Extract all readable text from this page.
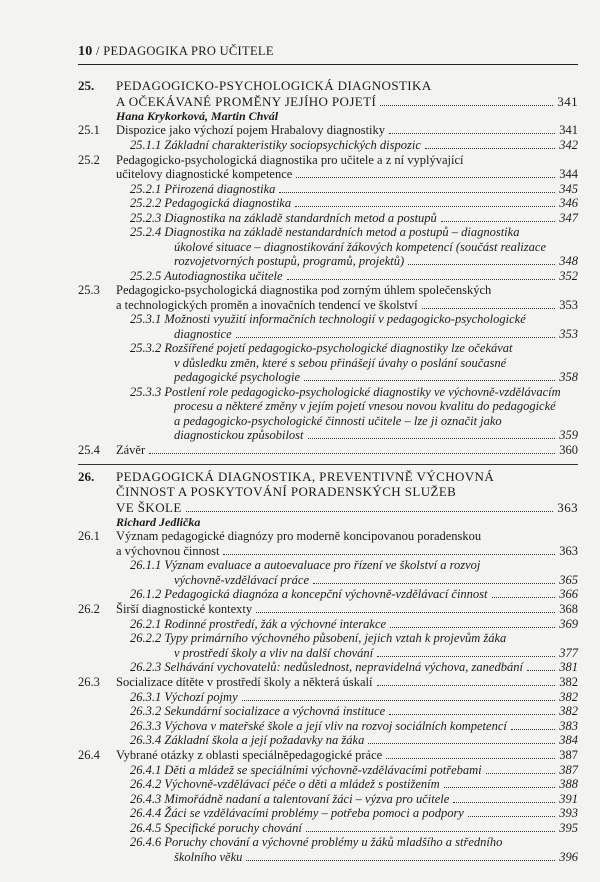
10 / PEDAGOGIKA PRO UČITELE
25.	PEDAGOGICKO-PSYCHOLOGICKÁ DIAGNOSTIKA
A OČEKÁVANÉ PROMĚNY JEJÍHO POJETÍ	341
Hana Krykorková, Martin Chvál
25.1	Dispozice jako výchozí pojem Hrabalovy diagnostiky	341
25.1.1 Základní charakteristiky sociopsychických dispozic	342
25.2	Pedagogicko-psychologická diagnostika pro učitele a z ní vyplývající
učitelovy diagnostické kompetence	344
25.2.1 Přirozená diagnostika	345
25.2.2 Pedagogická diagnostika	346
25.2.3 Diagnostika na základě standardních metod a postupů	347
25.2.4 Diagnostika na základě nestandardních metod a postupů – diagnostika
úkolové situace – diagnostikování žákových kompetencí (součást realizace
rozvojetvorných postupů, programů, projektů)	348
25.2.5 Autodiagnostika učitele	352
25.3	Pedagogicko-psychologická diagnostika pod zorným úhlem společenských
a technologických proměn a inovačních tendencí ve školství	353
25.3.1 Možnosti využití informačních technologií v pedagogicko-psychologické
diagnostice	353
25.3.2 Rozšířené pojetí pedagogicko-psychologické diagnostiky lze očekávat
v důsledku změn, které s sebou přinášejí úvahy o poslání současné
pedagogické psychologie	358
25.3.3 Postlení role pedagogicko-psychologické diagnostiky ve výchovně-vzdělávacím
procesu a některé změny v jejím pojetí vnesou novou kvalitu do pedagogické
a pedagogicko-psychologické činnosti učitele – lze ji označit jako
diagnostickou způsobilost	359
25.4	Závěr	360
26.	PEDAGOGICKÁ DIAGNOSTIKA, PREVENTIVNĚ VÝCHOVNÁ
ČINNOST A POSKYTOVÁNÍ PORADENSKÝCH SLUŽEB
VE ŠKOLE	363
Richard Jedlička
26.1	Význam pedagogické diagnózy pro moderně koncipovanou poradenskou
a výchovnou činnost	363
26.1.1 Význam evaluace a autoevaluace pro řízení ve školství a rozvoj
výchovně-vzdělávací práce	365
26.1.2 Pedagogická diagnóza a koncepční výchovně-vzdělávací činnost	366
26.2	Širší diagnostické kontexty	368
26.2.1 Rodinné prostředí, žák a výchovné interakce	369
26.2.2 Typy primárního výchovného působení, jejich vztah k projevům žáka
v prostředí školy a vliv na další chování	377
26.2.3 Selhávání vychovatelů: nedůslednost, nepravidelná výchova, zanedbání	381
26.3	Socializace dítěte v prostředí školy a některá úskalí	382
26.3.1 Výchozí pojmy	382
26.3.2 Sekundární socializace a výchovná instituce	382
26.3.3 Výchova v mateřské škole a její vliv na rozvoj sociálních kompetencí	383
26.3.4 Základní škola a její požadavky na žáka	384
26.4	Vybrané otázky z oblasti speciálněpedagogické práce	387
26.4.1 Děti a mládež se speciálními výchovně-vzdělávacími potřebami	387
26.4.2 Výchovně-vzdělávací péče o děti a mládež s postižením	388
26.4.3 Mimořádně nadaní a talentovaní žáci – výzva pro učitele	391
26.4.4 Žáci se vzdělávacími problémy – potřeba pomoci a podpory	393
26.4.5 Specifické poruchy chování	395
26.4.6 Poruchy chování a výchovné problémy u žáků mladšího a středního
školního věku	396
